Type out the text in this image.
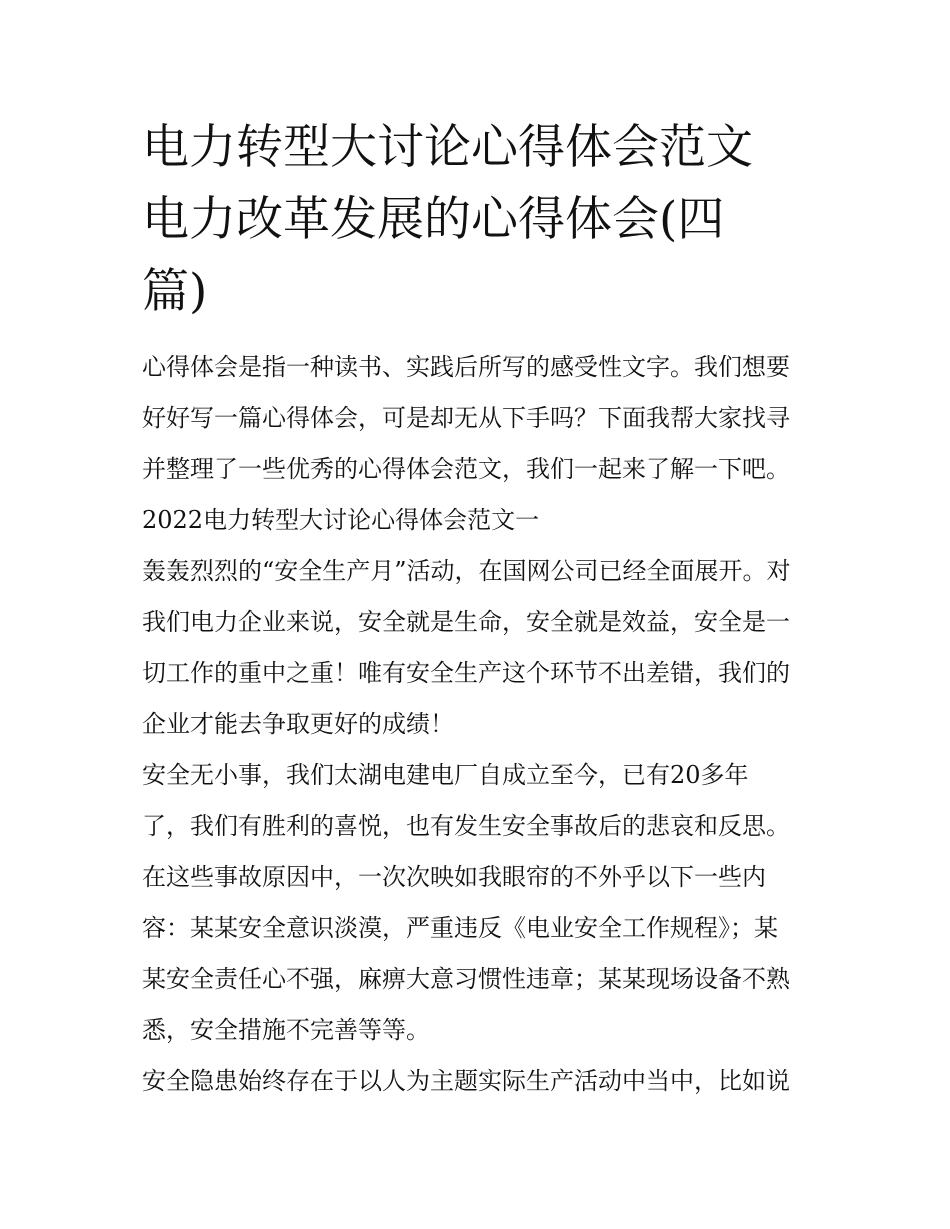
电力转型大讨论心得体会范文
电力改革发展的心得体会(四
篇)

心得体会是指一种读书、实践后所写的感受性文字。我们想要
好好写一篇心得体会，可是却无从下手吗？下面我帮大家找寻
并整理了一些优秀的心得体会范文，我们一起来了解一下吧。

2022电力转型大讨论心得体会范文一

轰轰烈烈的“安全生产月”活动，在国网公司已经全面展开。对
我们电力企业来说，安全就是生命，安全就是效益，安全是一
切工作的重中之重！唯有安全生产这个环节不出差错，我们的
企业才能去争取更好的成绩！

安全无小事，我们太湖电建电厂自成立至今，已有20多年
了，我们有胜利的喜悦，也有发生安全事故后的悲哀和反思。
在这些事故原因中，一次次映如我眼帘的不外乎以下一些内
容：某某安全意识淡漠，严重违反《电业安全工作规程》；某
某安全责任心不强，麻痹大意习惯性违章；某某现场设备不熟
悉，安全措施不完善等等。

安全隐患始终存在于以人为主题实际生产活动中当中，比如说
